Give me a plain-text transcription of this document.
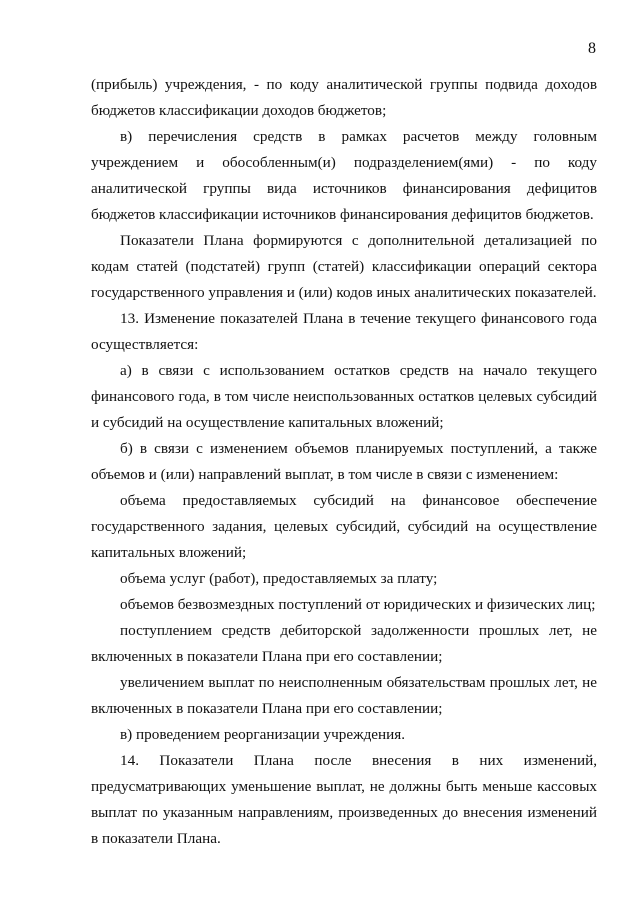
8

(прибыль) учреждения, - по коду аналитической группы подвида доходов бюджетов классификации доходов бюджетов;

в) перечисления средств в рамках расчетов между головным учреждением и обособленным(и) подразделением(ями) - по коду аналитической группы вида источников финансирования дефицитов бюджетов классификации источников финансирования дефицитов бюджетов.

Показатели Плана формируются с дополнительной детализацией по кодам статей (подстатей) групп (статей) классификации операций сектора государственного управления и (или) кодов иных аналитических показателей.

13. Изменение показателей Плана в течение текущего финансового года осуществляется:

а) в связи с использованием остатков средств на начало текущего финансового года, в том числе неиспользованных остатков целевых субсидий и субсидий на осуществление капитальных вложений;

б) в связи с изменением объемов планируемых поступлений, а также объемов и (или) направлений выплат, в том числе в связи с изменением:

объема предоставляемых субсидий на финансовое обеспечение государственного задания, целевых субсидий, субсидий на осуществление капитальных вложений;

объема услуг (работ), предоставляемых за плату;

объемов безвозмездных поступлений от юридических и физических лиц;

поступлением средств дебиторской задолженности прошлых лет, не включенных в показатели Плана при его составлении;

увеличением выплат по неисполненным обязательствам прошлых лет, не включенных в показатели Плана при его составлении;

в) проведением реорганизации учреждения.

14. Показатели Плана после внесения в них изменений, предусматривающих уменьшение выплат, не должны быть меньше кассовых выплат по указанным направлениям, произведенных до внесения изменений в показатели Плана.
